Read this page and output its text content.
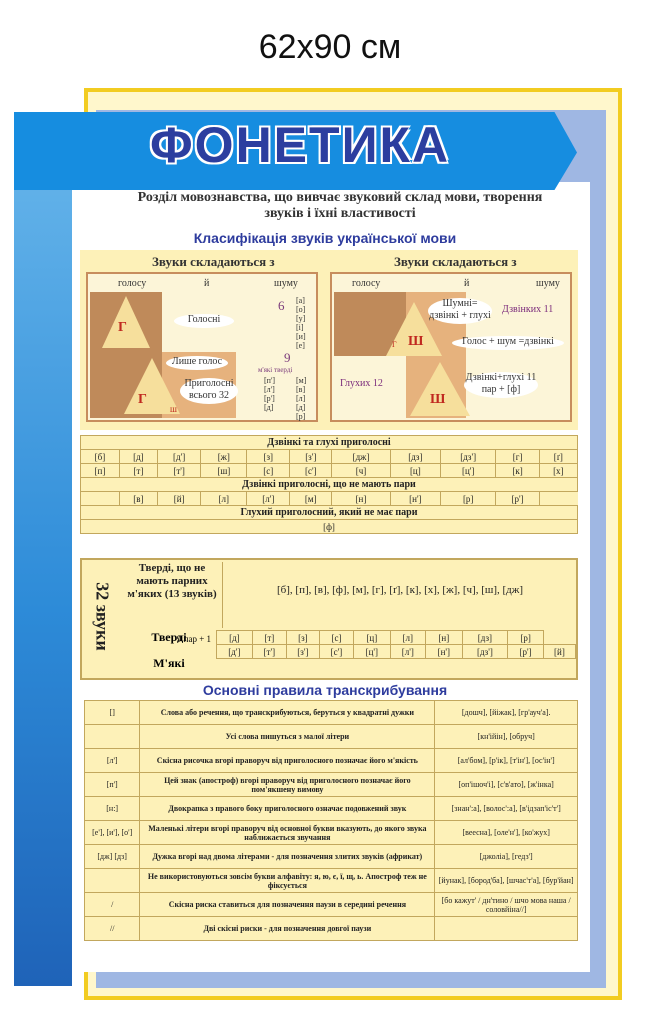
62х90 см
ФОНЕТИКА
Розділ мовознавства, що вивчає звуковий склад мови, творення звуків і їхні властивості
Класифікація звуків української мови
Звуки складаються з
голосу	й	шуму
Г
Г
ш
Голосні
Лише голос
Приголосні всього 32
6 [а]
[о]
[у]
[і]
[и]
[е]
9
м'які тверді
[п']
[л']
[р']
[д]
[м]
[в]
[л]
[д]
[р]
Звуки складаються з
голосу	й	шуму
Г Ш
Ш
Шумні= дзвінкі + глухі
Дзвінких 11
Голос + шум =дзвінкі
Глухих 12
Дзвінкі+глухі 11 пар + [ф]
Дзвінкі та глухі приголосні										
[б]	[д]	[д']	[ж]	[з]	[з']	[дж]	[дз]	[дз']	[г]	[ґ]
[п]	[т]	[т']	[ш]	[с]	[с']	[ч]	[ц]	[ц']	[к]	[х]
Дзвінкі приголосні, що не мають пари										
	[в]	[й]	[л]	[л']	[м]	[н]	[н']	[р]	[р']	
Глухий приголосний, який не має пари										
[ф]										
32 звуки
Тверді, що не мають парних м'яких (13 звуків)	[б], [п], [в], [ф], [м], [г], [ґ], [к], [х], [ж], [ч], [ш], [дж]
Тверді
М'які
9 пар + 1	[д]	[т]	[з]	[с]	[ц]	[л]	[н]	[дз]	[р]	
[д']	[т']	[з']	[с']	[ц']	[л']	[н']	[дз']	[р']	[й]
Основні правила транскрибування
[]	Слова або речення, що транскрибуються, беруться у квадратні дужки	[дошч], [йіжак], [гр'ауч'а].
	Усі слова пишуться з малої літери	[кн'ійін], [обруч]
[л']	Скісна рисочка вгорі праворуч від приголосного позначає його м'якість	[ал'бом], [р'ік], [т'ін'], [ос'ін']
[п']	Цей знак (апостроф) вгорі праворуч від приголосного позначає його пом'якшену вимову	[оп'ішоч'і], [с'в'ато], [ж'інка]
[н:]	Двокрапка з правого боку приголосного означає подовжений звук	[знан':а], [волос':а], [в'ідзап'іс'т']
[е'], [и'], [о']	Маленькі літери вгорі праворуч від основної букви вказують, до якого звука наближається звучання	[веесна], [оле'н'], [ко'жух]
[дж] [дз]	Дужка вгорі над двома літерами - для позначення злитих звуків (африкат)	[джоліа], [гедз']
	Не використовуються зовсім букви алфавіту: я, ю, є, ї, щ, ь. Апостроф теж не фіксується	[йунак], [бород'ба], [шчас'т'а], [бур'йан]
/	Скісна риска ставиться для позначення паузи в середині речення	[бо кажут' / дн'тино / шчо мова наша / соловйіна//]
//	Дві скісні риски - для позначення довгої паузи	
